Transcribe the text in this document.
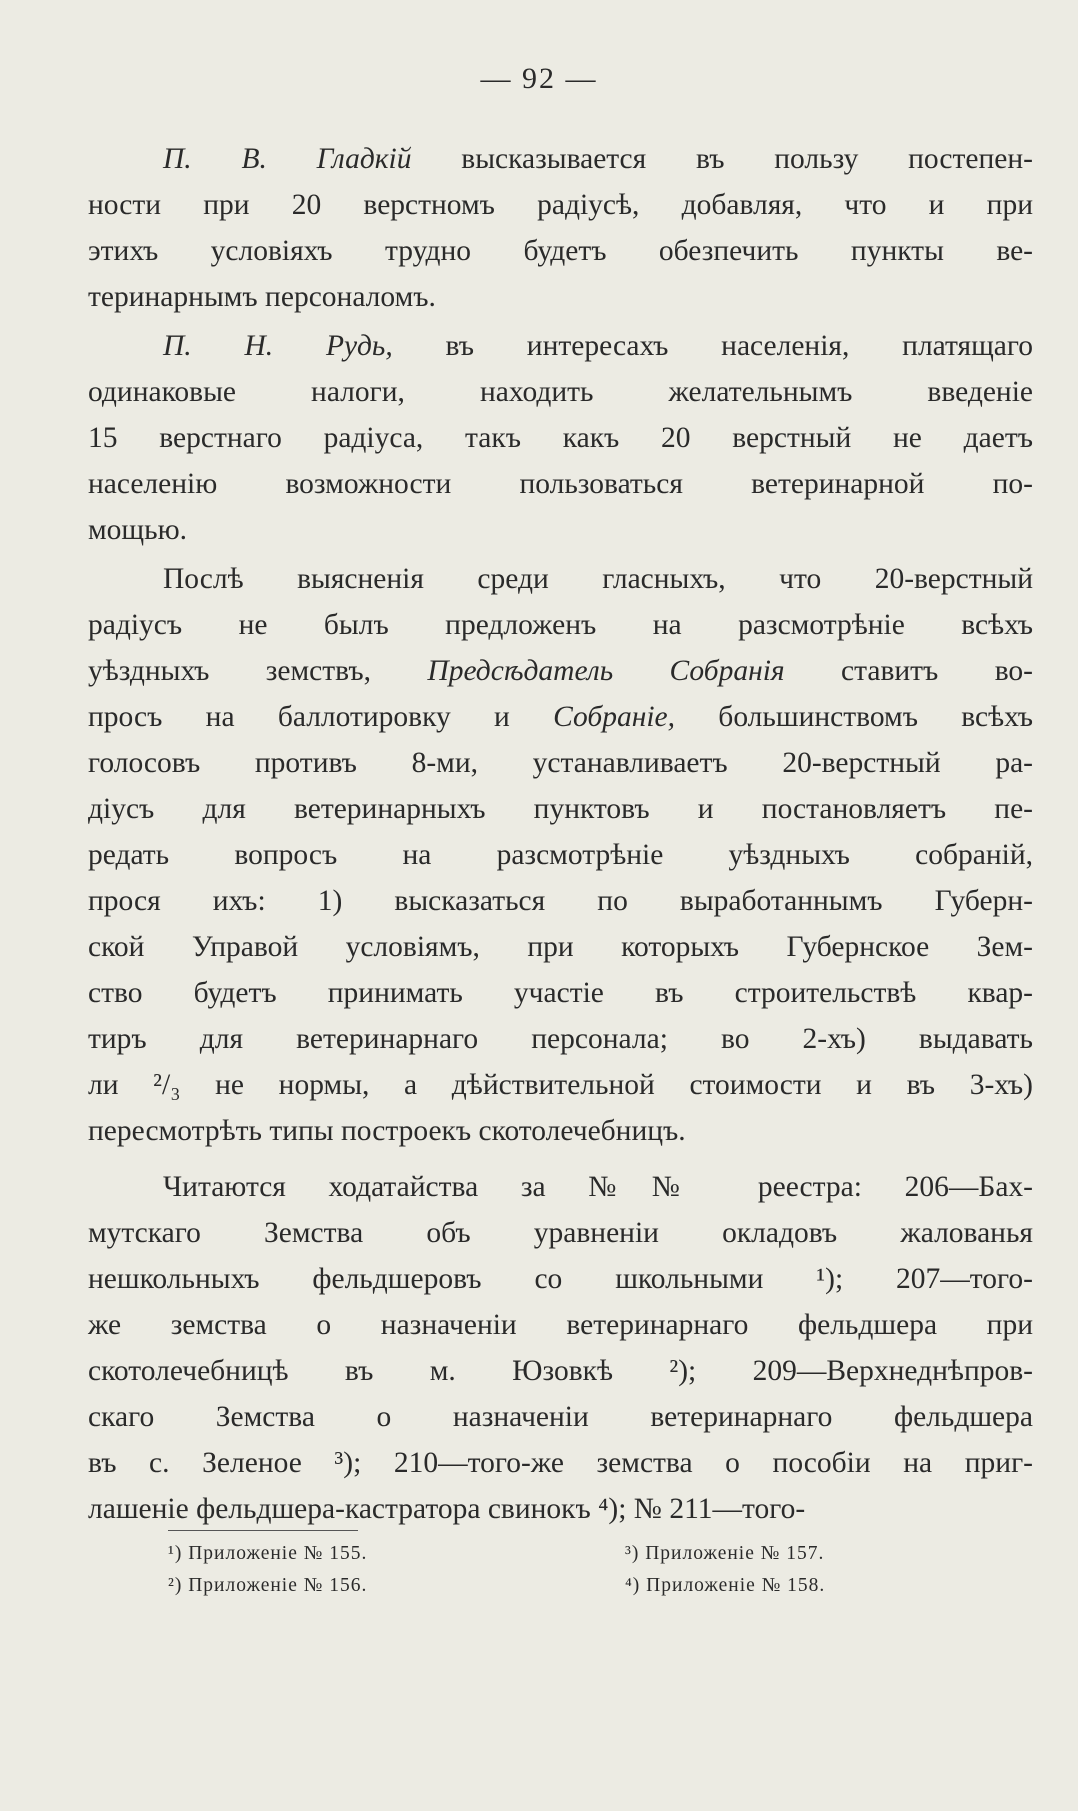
— 92 —
П. В. Гладкій высказывается въ пользу постепен-
ности при 20 верстномъ радіусѣ, добавляя, что и при
этихъ условіяхъ трудно будетъ обезпечить пункты ве-
теринарнымъ персоналомъ.
П. Н. Рудь, въ интересахъ населенія, платящаго
одинаковые налоги, находить желательнымъ введеніе
15 верстнаго радіуса, такъ какъ 20 верстный не даетъ
населенію возможности пользоваться ветеринарной по-
мощью.
Послѣ выясненія среди гласныхъ, что 20-верстный
радіусъ не былъ предложенъ на разсмотрѣніе всѣхъ
уѣздныхъ земствъ, Предсѣдатель Собранія ставитъ во-
просъ на баллотировку и Собраніе, большинствомъ всѣхъ
голосовъ противъ 8-ми, устанавливаетъ 20-верстный ра-
діусъ для ветеринарныхъ пунктовъ и постановляетъ пе-
редать вопросъ на разсмотрѣніе уѣздныхъ собраній,
прося ихъ: 1) высказаться по выработаннымъ Губерн-
ской Управой условіямъ, при которыхъ Губернское Зем-
ство будетъ принимать участіе въ строительствѣ квар-
тиръ для ветеринарнаго персонала; во 2-хъ) выдавать
ли ²/₃ не нормы, а дѣйствительной стоимости и въ 3-хъ)
пересмотрѣть типы построекъ скотолечебницъ.
Читаются ходатайства за №№ реестра: 206—Бах-
мутскаго Земства объ уравненіи окладовъ жалованья
нешкольныхъ фельдшеровъ со школьными ¹); 207—того-
же земства о назначеніи ветеринарнаго фельдшера при
скотолечебницѣ въ м. Юзовкѣ ²); 209—Верхнеднѣпров-
скаго Земства о назначеніи ветеринарнаго фельдшера
въ с. Зеленое ³); 210—того-же земства о пособіи на приг-
лашеніе фельдшера-кастратора свинокъ ⁴); № 211—того-
¹) Приложеніе № 155.
²) Приложеніе № 156.
³) Приложеніе № 157.
⁴) Приложеніе № 158.
